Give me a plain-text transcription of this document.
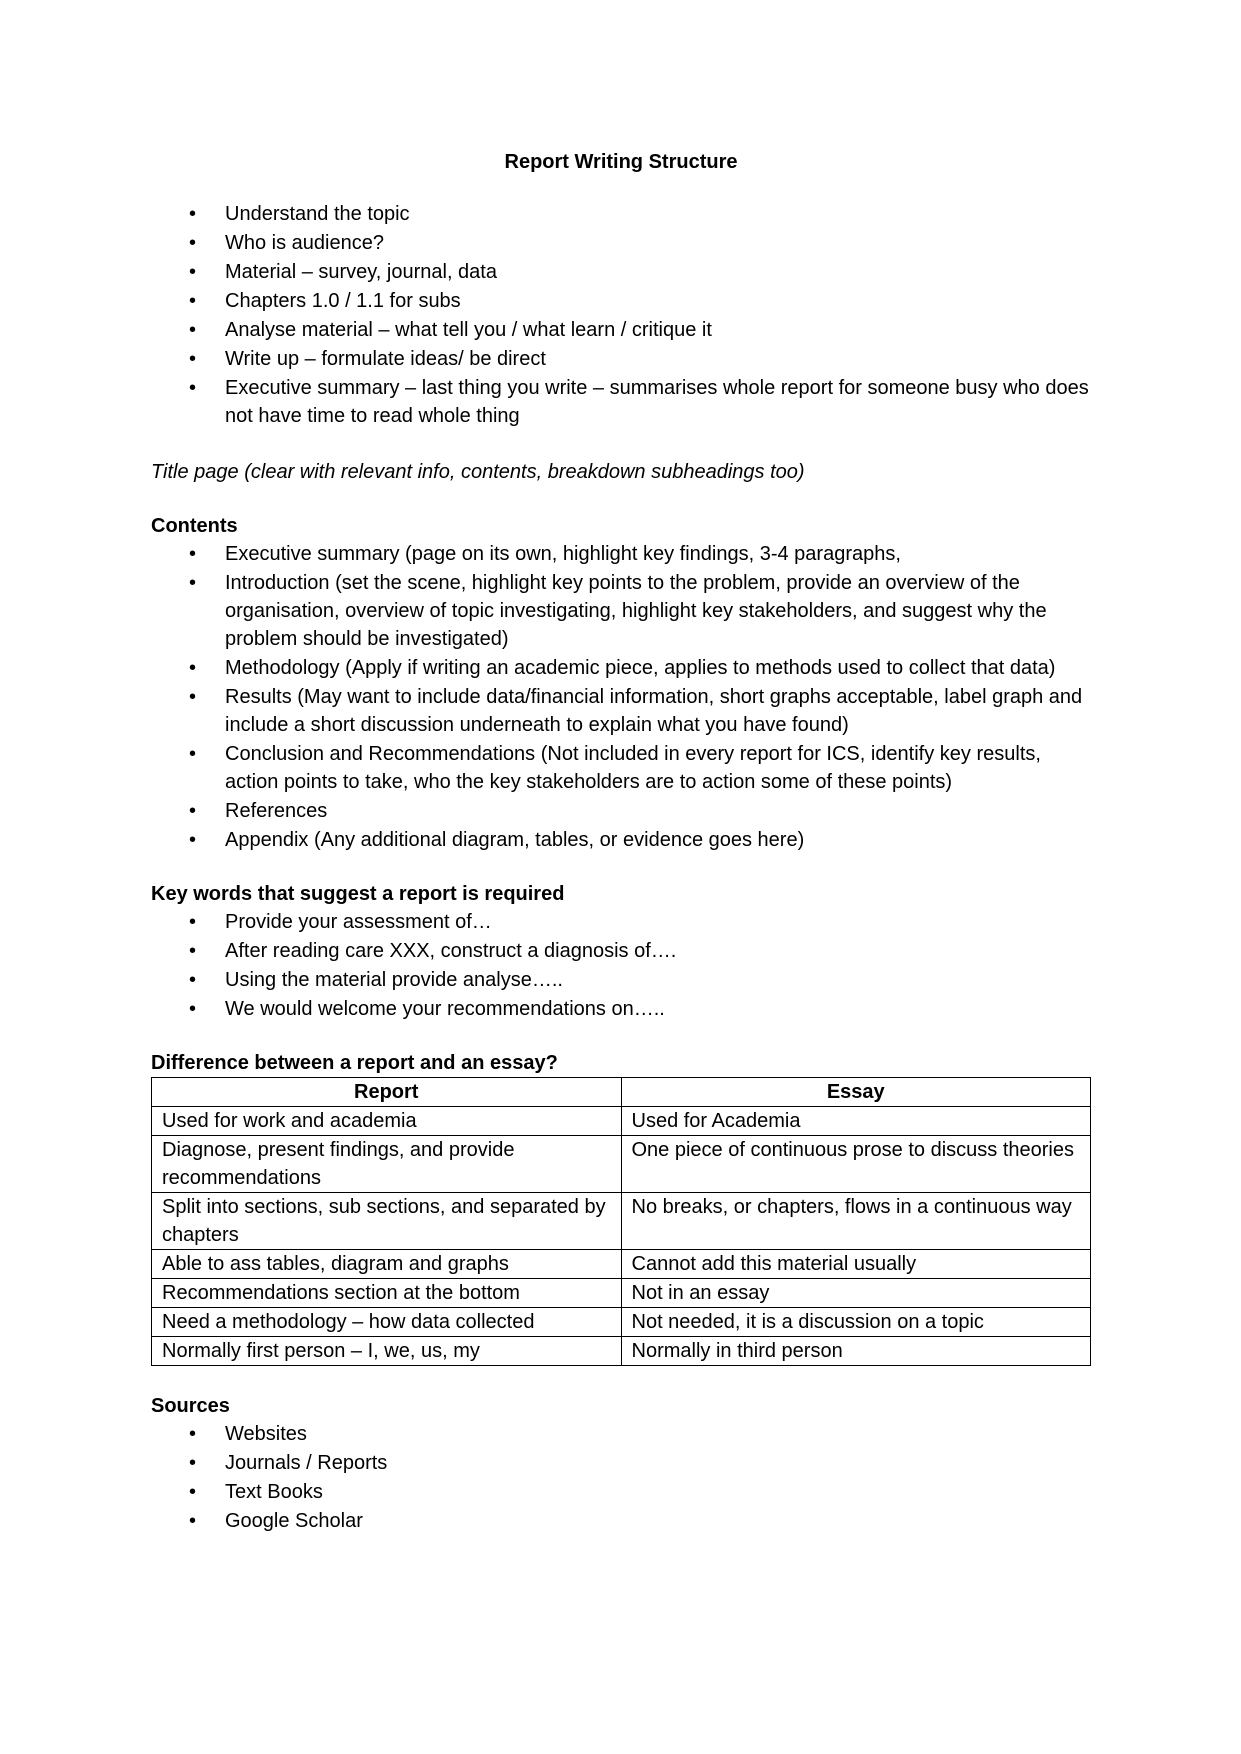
Report Writing Structure
• Understand the topic
• Who is audience?
• Material – survey, journal, data
• Chapters 1.0 / 1.1 for subs
• Analyse material – what tell you / what learn / critique it
• Write up – formulate ideas/ be direct
• Executive summary – last thing you write – summarises whole report for someone busy who does not have time to read whole thing
Title page (clear with relevant info, contents, breakdown subheadings too)
Contents
• Executive summary (page on its own, highlight key findings, 3-4 paragraphs,
• Introduction (set the scene, highlight key points to the problem, provide an overview of the organisation, overview of topic investigating, highlight key stakeholders, and suggest why the problem should be investigated)
• Methodology (Apply if writing an academic piece, applies to methods used to collect that data)
• Results (May want to include data/financial information, short graphs acceptable, label graph and include a short discussion underneath to explain what you have found)
• Conclusion and Recommendations (Not included in every report for ICS, identify key results, action points to take, who the key stakeholders are to action some of these points)
• References
• Appendix (Any additional diagram, tables, or evidence goes here)
Key words that suggest a report is required
• Provide your assessment of…
• After reading care XXX, construct a diagnosis of….
• Using the material provide analyse…..
• We would welcome your recommendations on…..
Difference between a report and an essay?
Report	Essay
Used for work and academia	Used for Academia
Diagnose, present findings, and provide recommendations	One piece of continuous prose to discuss theories
Split into sections, sub sections, and separated by chapters	No breaks, or chapters, flows in a continuous way
Able to ass tables, diagram and graphs	Cannot add this material usually
Recommendations section at the bottom	Not in an essay
Need a methodology – how data collected	Not needed, it is a discussion on a topic
Normally first person – I, we, us, my	Normally in third person
Sources
• Websites
• Journals / Reports
• Text Books
• Google Scholar
